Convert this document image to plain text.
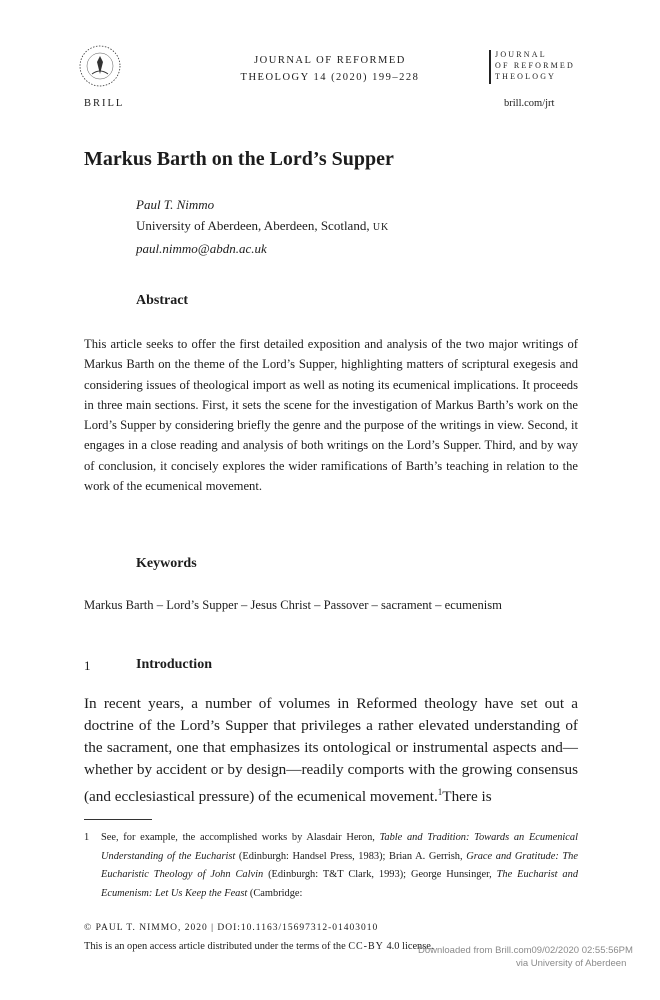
BRILL
JOURNAL OF REFORMED
THEOLOGY 14 (2020) 199–228
JOURNAL
OF REFORMED
THEOLOGY
brill.com/jrt
Markus Barth on the Lord’s Supper
Paul T. Nimmo
University of Aberdeen, Aberdeen, Scotland, UK
paul.nimmo@abdn.ac.uk
Abstract
This article seeks to offer the first detailed exposition and analysis of the two major writings of Markus Barth on the theme of the Lord’s Supper, highlighting matters of scriptural exegesis and considering issues of theological import as well as noting its ecumenical implications. It proceeds in three main sections. First, it sets the scene for the investigation of Markus Barth’s work on the Lord’s Supper by considering briefly the genre and the purpose of the writings in view. Second, it engages in a close reading and analysis of both writings on the Lord’s Supper. Third, and by way of conclusion, it concisely explores the wider ramifications of Barth’s teaching in relation to the work of the ecumenical movement.
Keywords
Markus Barth – Lord’s Supper – Jesus Christ – Passover – sacrament – ecumenism
1	Introduction
In recent years, a number of volumes in Reformed theology have set out a doctrine of the Lord’s Supper that privileges a rather elevated understanding of the sacrament, one that emphasizes its ontological or instrumental aspects and—whether by accident or by design—readily comports with the growing consensus (and ecclesiastical pressure) of the ecumenical movement.$^1$There is
1 See, for example, the accomplished works by Alasdair Heron, Table and Tradition: Towards an Ecumenical Understanding of the Eucharist (Edinburgh: Handsel Press, 1983); Brian A. Gerrish, Grace and Gratitude: The Eucharistic Theology of John Calvin (Edinburgh: T&T Clark, 1993); George Hunsinger, The Eucharist and Ecumenism: Let Us Keep the Feast (Cambridge:
© PAUL T. NIMMO, 2020 | DOI:10.1163/15697312-01403010
This is an open access article distributed under the terms of the CC-BY 4.0 license.
Downloaded from Brill.com09/02/2020 02:55:56PM
via University of Aberdeen
